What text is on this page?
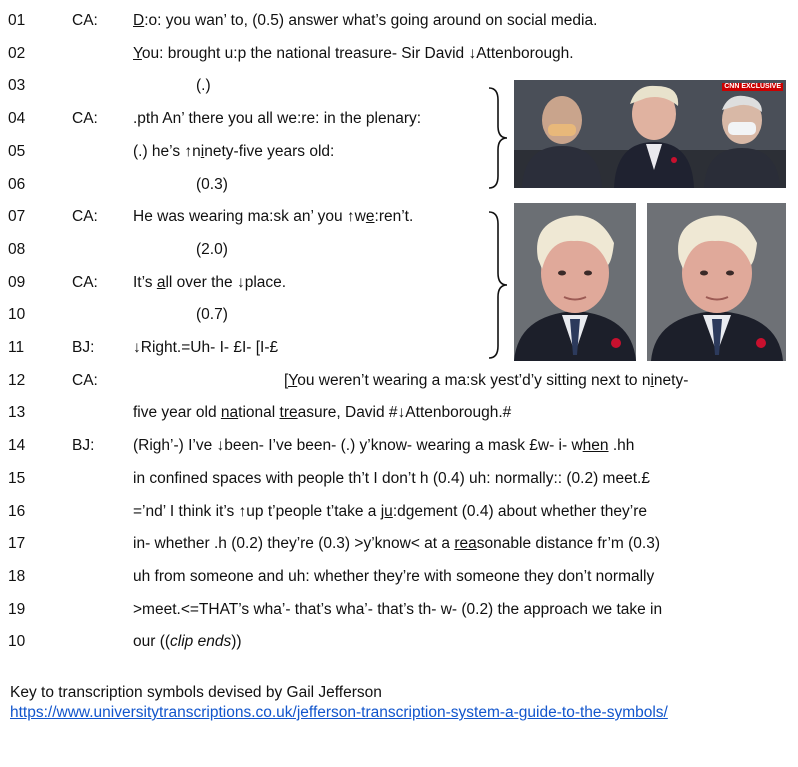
01	CA: D:o: you wan’ to, (0.5) answer what’s going around on social media.
02	You: brought u:p the national treasure- Sir David ↓Attenborough.
03	(.)
04	CA: .pth An’ there you all we:re: in the plenary:
05	(.) he’s ↑ninety-five years old:
06	(0.3)
07	CA: He was wearing ma:sk an’ you ↑we:ren’t.
08	(2.0)
09	CA: It’s all over the ↓place.
10	(0.7)
11	BJ: ↓Right.=Uh- I- £I- [I-£
12	CA:	[You weren’t wearing a ma:sk yest’d’y sitting next to ninety-
13	five year old national treasure, David #↓Attenborough.#
14	BJ: (Righ’-) I’ve ↓been- I’ve been- (.) y’know- wearing a mask £w- i- when .hh
15	in confined spaces with people th’t I don’t h (0.4) uh: normally:: (0.2) meet.£
16	=’nd’ I think it’s ↑up t’people t’take a ju:dgement (0.4) about whether they’re
17	in- whether .h (0.2) they’re (0.3) >y’know< at a reasonable distance fr’m (0.3)
18	uh from someone and uh: whether they’re with someone they don’t normally
19	>meet.<=THAT’s wha’- that’s wha’- that’s th- w- (0.2) the approach we take in
10	our ((clip ends))
CNN EXCLUSIVE
Key to transcription symbols devised by Gail Jefferson
https://www.universitytranscriptions.co.uk/jefferson-transcription-system-a-guide-to-the-symbols/
